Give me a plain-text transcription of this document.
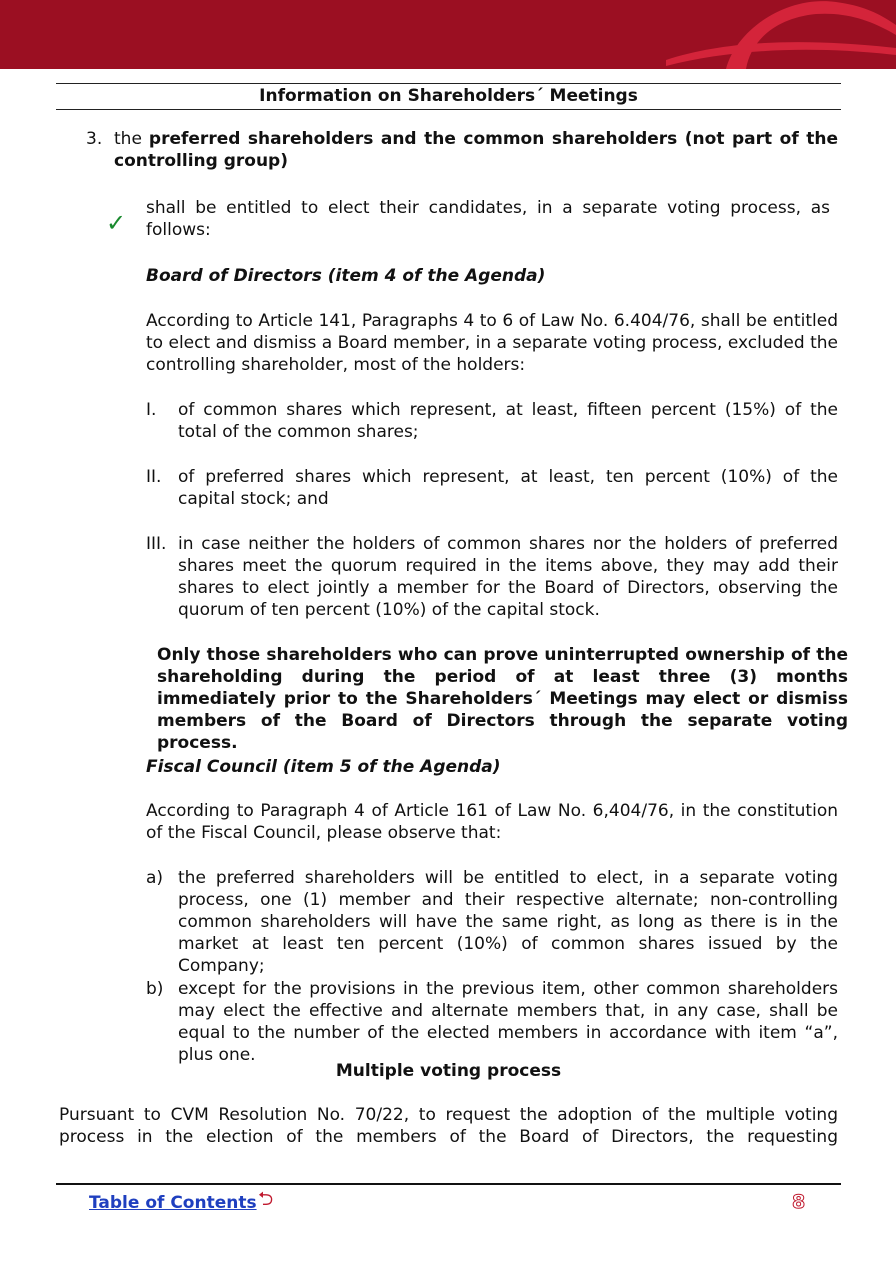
Information on Shareholders´ Meetings
3. the preferred shareholders and the common shareholders (not part of the controlling group)
✓
shall be entitled to elect their candidates, in a separate voting process, as follows:
Board of Directors (item 4 of the Agenda)
According to Article 141, Paragraphs 4 to 6 of Law No. 6.404/76, shall be entitled to elect and dismiss a Board member, in a separate voting process, excluded the controlling shareholder, most of the holders:
I. of common shares which represent, at least, fifteen percent (15%) of the total of the common shares;
II. of preferred shares which represent, at least, ten percent (10%) of the capital stock; and
III. in case neither the holders of common shares nor the holders of preferred shares meet the quorum required in the items above, they may add their shares to elect jointly a member for the Board of Directors, observing the quorum of ten percent (10%) of the capital stock.
Only those shareholders who can prove uninterrupted ownership of the shareholding during the period of at least three (3) months immediately prior to the Shareholders´ Meetings may elect or dismiss members of the Board of Directors through the separate voting process.
Fiscal Council (item 5 of the Agenda)
According to Paragraph 4 of Article 161 of Law No. 6,404/76, in the constitution of the Fiscal Council, please observe that:
a) the preferred shareholders will be entitled to elect, in a separate voting process, one (1) member and their respective alternate; non-controlling common shareholders will have the same right, as long as there is in the market at least ten percent (10%) of common shares issued by the Company;
b) except for the provisions in the previous item, other common shareholders may elect the effective and alternate members that, in any case, shall be equal to the number of the elected members in accordance with item “a”, plus one.
Multiple voting process
Pursuant to CVM Resolution No. 70/22, to request the adoption of the multiple voting process in the election of the members of the Board of Directors, the requesting
Table of Contents ⮌	8
